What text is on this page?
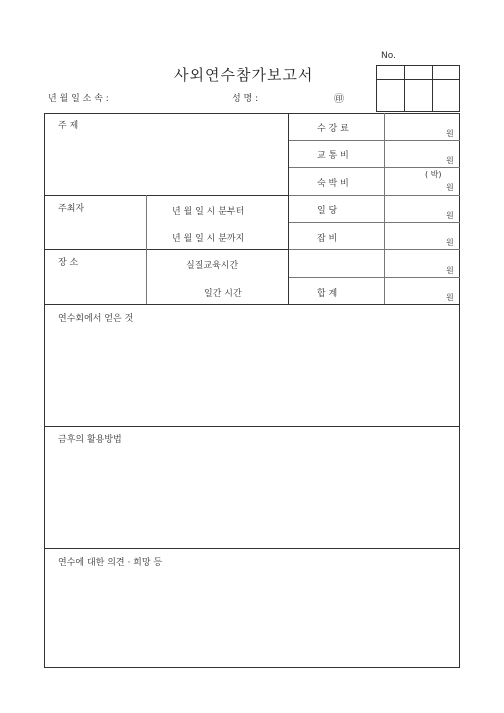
No.
사외연수참가보고서
년 월 일 소 속 :	성 명 :	㊞
주 제
주최자
장 소
년 월 일 시 분부터
년 월 일 시 분까지
실질교육시간
일간 시간
수 강 료
교 통 비
숙 박 비
일 당
잡 비
합 계
원
원
( 박)
원
원
원
원
원
연수회에서 얻은 것
금후의 활용방법
연수에 대한 의견 · 희망 등
